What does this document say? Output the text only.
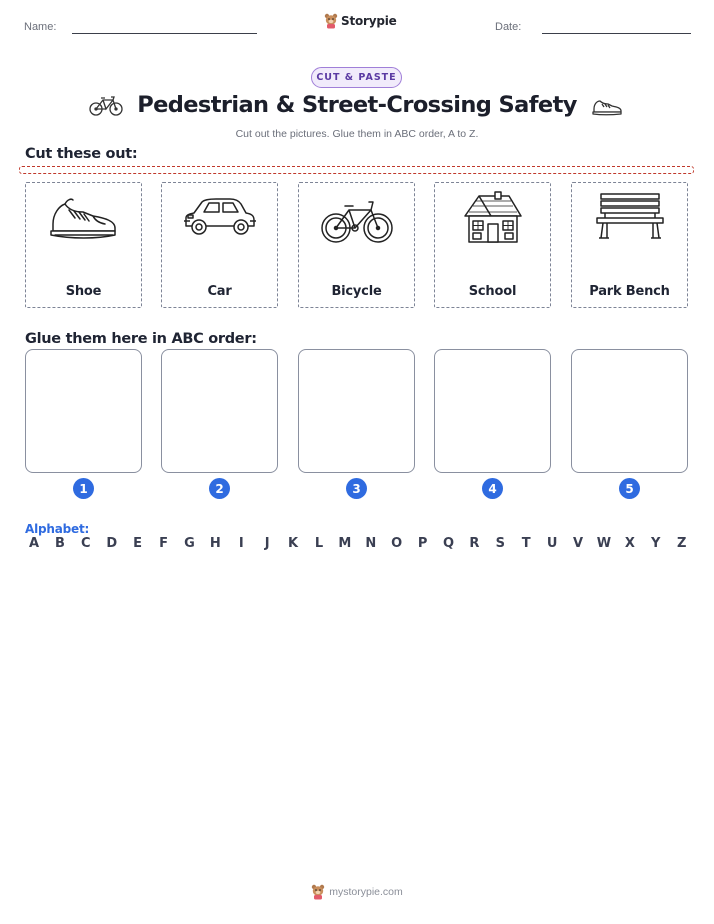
Name:	Storypie	Date:
CUT & PASTE
Pedestrian & Street-Crossing Safety
Cut out the pictures. Glue them in ABC order, A to Z.
Cut these out:
Shoe	Car	Bicycle	School	Park Bench
Glue them here in ABC order:
1	2	3	4	5
Alphabet:
A	B	C	D	E	F	G H	I	J	K	L	M N O	P	Q	R	S	T	U	V	W	X	Y	Z
mystorypie.com
